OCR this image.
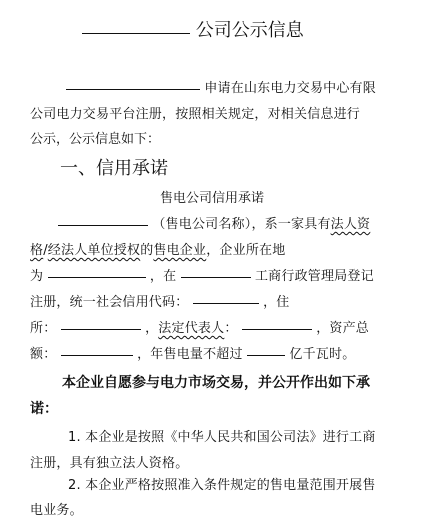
公司公示信息
申请在山东电力交易中心有限
公司电力交易平台注册，按照相关规定，对相关信息进行
公示，公示信息如下：
一、信用承诺
售电公司信用承诺
（售电公司名称），系一家具有法人资
格/经法人单位授权的售电企业，企业所在地
为	，在	工商行政管理局登记
注册，统一社会信用代码：	，住
所：	，法定代表人：	，资产总
额：	，年售电量不超过	亿千瓦时。
本企业自愿参与电力市场交易，并公开作出如下承
诺：
1. 本企业是按照《中华人民共和国公司法》进行工商
注册，具有独立法人资格。
2. 本企业严格按照准入条件规定的售电量范围开展售
电业务。
